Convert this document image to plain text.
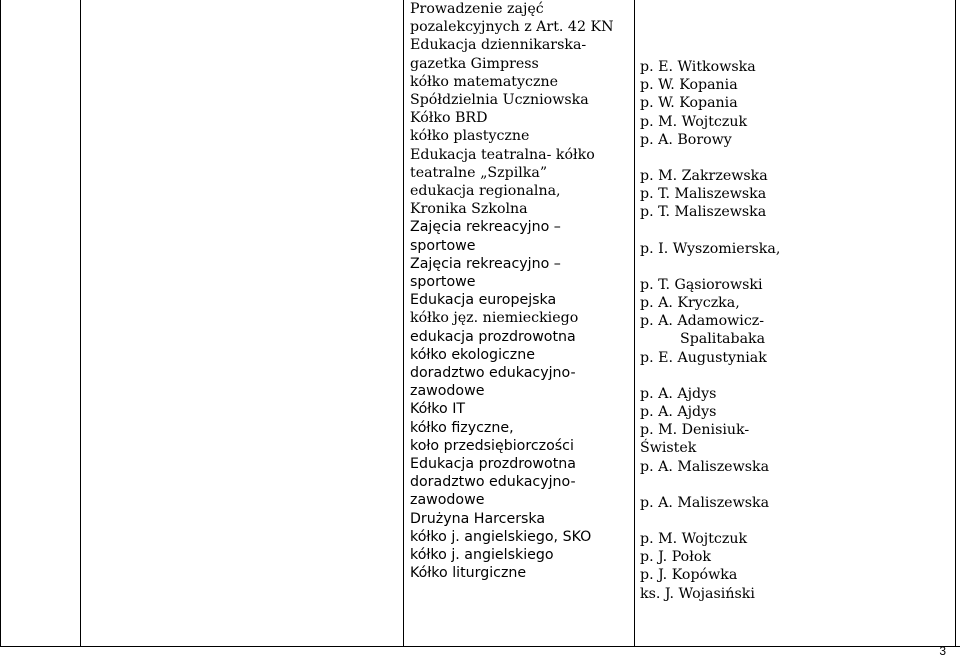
Prowadzenie zajęć
pozalekcyjnych z Art. 42 KN
Edukacja dziennikarska-
gazetka Gimpress
kółko matematyczne
Spółdzielnia Uczniowska
Kółko BRD
kółko plastyczne
Edukacja teatralna- kółko
teatralne „Szpilka”
edukacja regionalna,
Kronika Szkolna
Zajęcia rekreacyjno –
sportowe
Zajęcia rekreacyjno –
sportowe
Edukacja europejska
kółko jęz. niemieckiego
edukacja prozdrowotna
kółko ekologiczne
doradztwo edukacyjno-
zawodowe
Kółko IT
kółko fizyczne,
koło przedsiębiorczości
Edukacja prozdrowotna
doradztwo edukacyjno-
zawodowe
Drużyna Harcerska
kółko j. angielskiego, SKO
kółko j. angielskiego
Kółko liturgiczne
p. E. Witkowska
p. W. Kopania
p. W. Kopania
p. M. Wojtczuk
p. A. Borowy
p. M. Zakrzewska
p. T. Maliszewska
p. T. Maliszewska
p. I. Wyszomierska,
p. T. Gąsiorowski
p. A. Kryczka,
p. A. Adamowicz-
Spalitabaka
p. E. Augustyniak
p. A. Ajdys
p. A. Ajdys
p. M. Denisiuk-
Świstek
p. A. Maliszewska
p. A. Maliszewska
p. M. Wojtczuk
p. J. Połok
p. J. Kopówka
ks. J. Wojasiński
3
